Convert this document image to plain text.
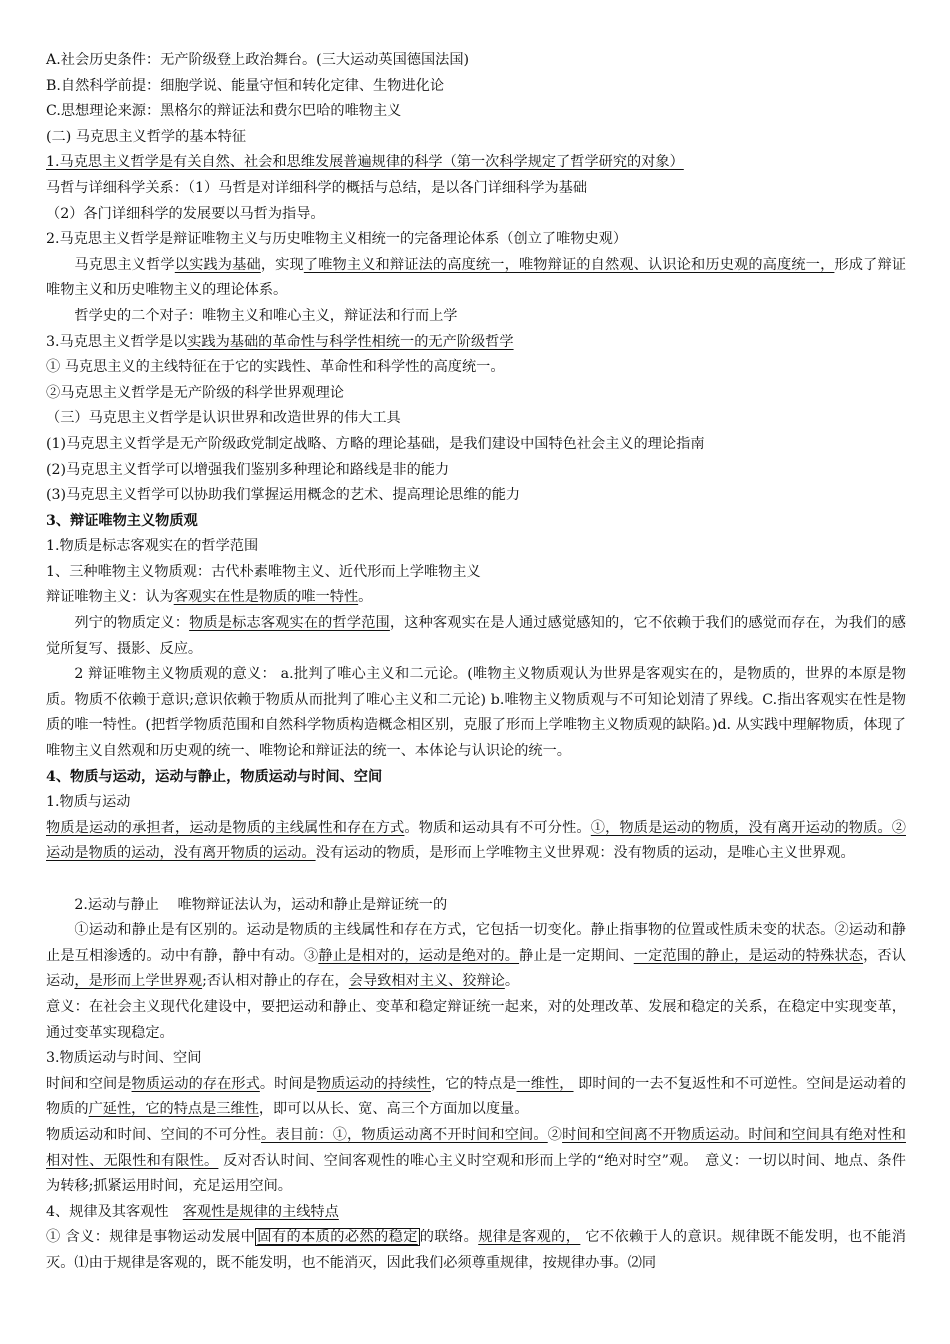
A.社会历史条件：无产阶级登上政治舞台。(三大运动英国德国法国)

B.自然科学前提：细胞学说、能量守恒和转化定律、生物进化论

C.思想理论来源：黑格尔的辩证法和费尔巴哈的唯物主义

(二) 马克思主义哲学的基本特征

1.马克思主义哲学是有关自然、社会和思维发展普遍规律的科学（第一次科学规定了哲学研究的对象）

马哲与详细科学关系：（1）马哲是对详细科学的概括与总结，是以各门详细科学为基础

（2）各门详细科学的发展要以马哲为指导。

2.马克思主义哲学是辩证唯物主义与历史唯物主义相统一的完备理论体系（创立了唯物史观）

马克思主义哲学以实践为基础，实现了唯物主义和辩证法的高度统一，唯物辩证的自然观、认识论和历史观的高度统一，形成了辩证唯物主义和历史唯物主义的理论体系。

哲学史的二个对子：唯物主义和唯心主义，辩证法和行而上学

3.马克思主义哲学是以实践为基础的革命性与科学性相统一的无产阶级哲学

① 马克思主义的主线特征在于它的实践性、革命性和科学性的高度统一。

②马克思主义哲学是无产阶级的科学世界观理论

（三）马克思主义哲学是认识世界和改造世界的伟大工具

(1)马克思主义哲学是无产阶级政党制定战略、方略的理论基础，是我们建设中国特色社会主义的理论指南

(2)马克思主义哲学可以增强我们鉴别多种理论和路线是非的能力

(3)马克思主义哲学可以协助我们掌握运用概念的艺术、提高理论思维的能力

3、辩证唯物主义物质观

1.物质是标志客观实在的哲学范围

1、三种唯物主义物质观：古代朴素唯物主义、近代形而上学唯物主义

辩证唯物主义：认为客观实在性是物质的唯一特性。

列宁的物质定义：物质是标志客观实在的哲学范围，这种客观实在是人通过感觉感知的，它不依赖于我们的感觉而存在，为我们的感觉所复写、摄影、反应。

2 辩证唯物主义物质观的意义： a.批判了唯心主义和二元论。(唯物主义物质观认为世界是客观实在的，是物质的，世界的本原是物质。物质不依赖于意识;意识依赖于物质从而批判了唯心主义和二元论) b.唯物主义物质观与不可知论划清了界线。C.指出客观实在性是物质的唯一特性。(把哲学物质范围和自然科学物质构造概念相区别，克服了形而上学唯物主义物质观的缺陷。)d. 从实践中理解物质，体现了唯物主义自然观和历史观的统一、唯物论和辩证法的统一、本体论与认识论的统一。

4、物质与运动，运动与静止，物质运动与时间、空间

1.物质与运动

物质是运动的承担者，运动是物质的主线属性和存在方式。物质和运动具有不可分性。①，物质是运动的物质，没有离开运动的物质。②运动是物质的运动，没有离开物质的运动。没有运动的物质，是形而上学唯物主义世界观：没有物质的运动，是唯心主义世界观。

2.运动与静止　 唯物辩证法认为，运动和静止是辩证统一的

①运动和静止是有区别的。运动是物质的主线属性和存在方式，它包括一切变化。静止指事物的位置或性质未变的状态。②运动和静止是互相渗透的。动中有静，静中有动。③静止是相对的，运动是绝对的。静止是一定期间、一定范围的静止，是运动的特殊状态，否认运动，是形而上学世界观;否认相对静止的存在，会导致相对主义、狡辩论。

意义：在社会主义现代化建设中，要把运动和静止、变革和稳定辩证统一起来，对的处理改革、发展和稳定的关系，在稳定中实现变革，通过变革实现稳定。

3.物质运动与时间、空间

时间和空间是物质运动的存在形式。时间是物质运动的持续性，它的特点是一维性， 即时间的一去不复返性和不可逆性。空间是运动着的物质的广延性，它的特点是三维性，即可以从长、宽、高三个方面加以度量。

物质运动和时间、空间的不可分性。表目前：①，物质运动离不开时间和空间。②时间和空间离不开物质运动。时间和空间具有绝对性和相对性、无限性和有限性。 反对否认时间、空间客观性的唯心主义时空观和形而上学的“绝对时空”观。　意义：一切以时间、地点、条件为转移;抓紧运用时间，充足运用空间。

4、规律及其客观性　客观性是规律的主线特点

① 含义：规律是事物运动发展中 固有的本质的必然的稳定 的联络。规律是客观的， 它不依赖于人的意识。规律既不能发明，也不能消灭。⑴由于规律是客观的，既不能发明，也不能消灭，因此我们必须尊重规律，按规律办事。⑵同
